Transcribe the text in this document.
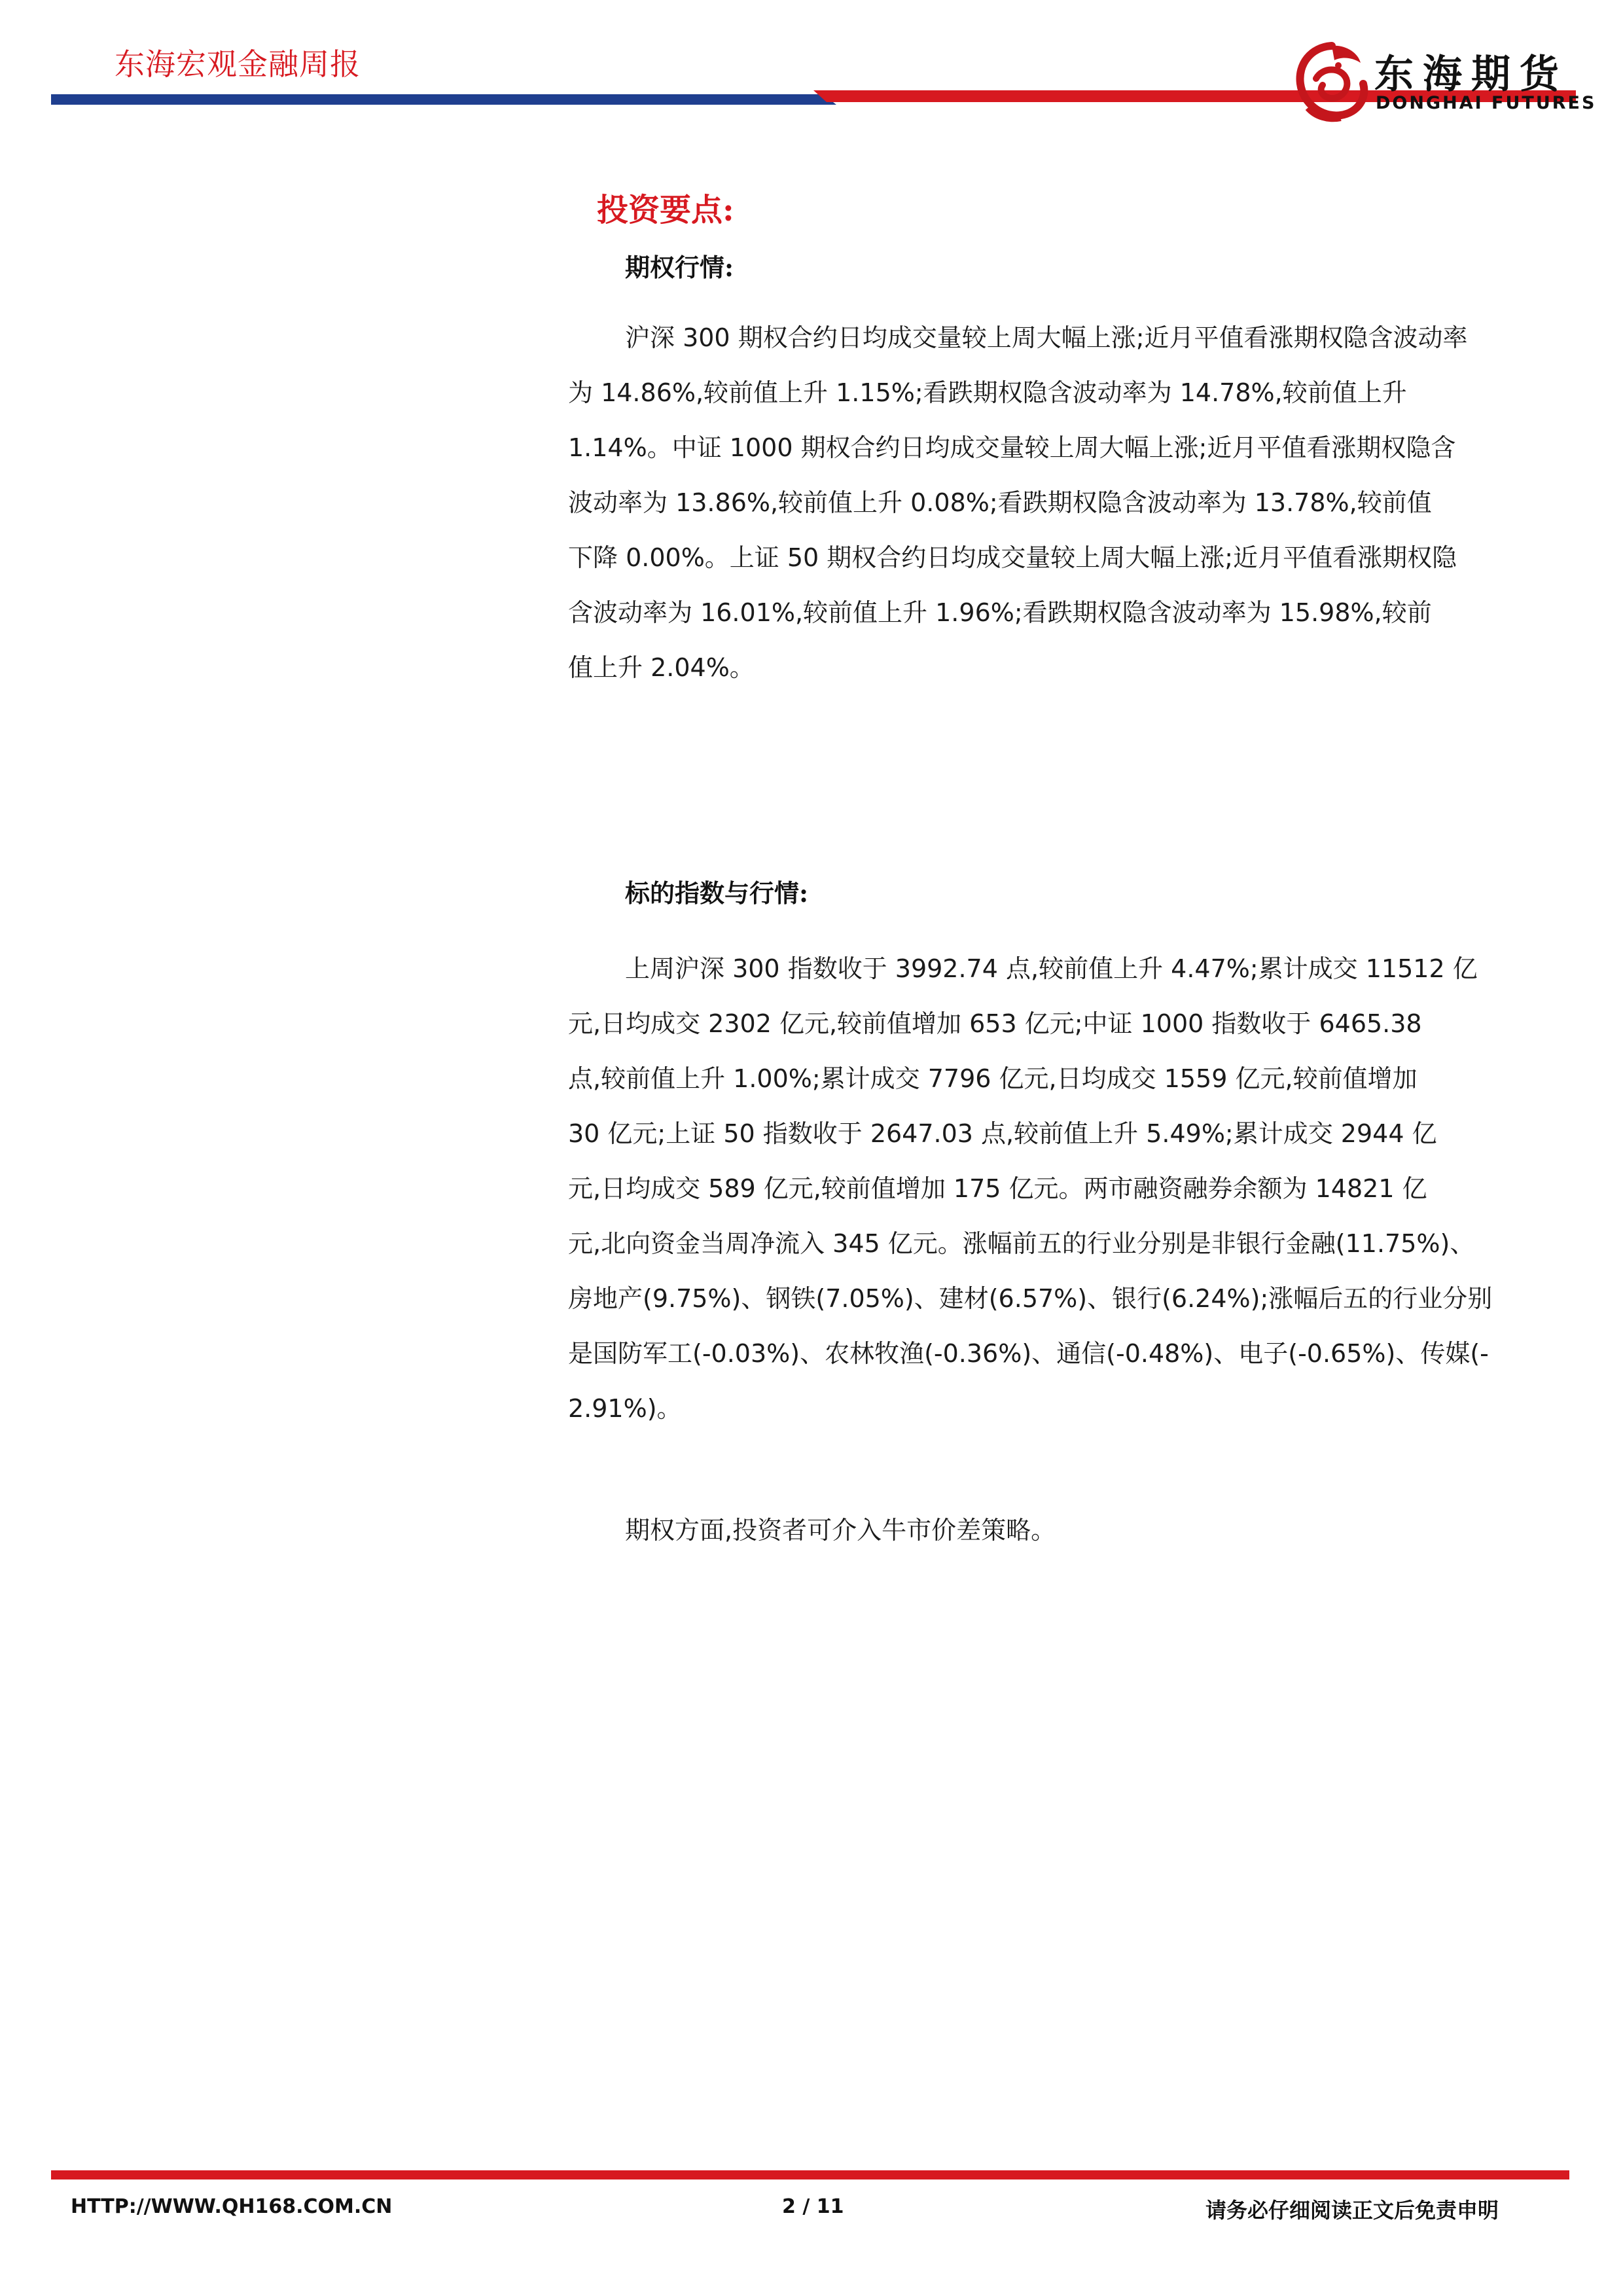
东海宏观金融周报	东海期货
DONGHAI FUTURES
投资要点:
期权行情:
沪深 300 期权合约日均成交量较上周大幅上涨;近月平值看涨期权隐含波动率
为 14.86%,较前值上升 1.15%;看跌期权隐含波动率为 14.78%,较前值上升
1.14%。中证 1000 期权合约日均成交量较上周大幅上涨;近月平值看涨期权隐含
波动率为 13.86%,较前值上升 0.08%;看跌期权隐含波动率为 13.78%,较前值
下降 0.00%。上证 50 期权合约日均成交量较上周大幅上涨;近月平值看涨期权隐
含波动率为 16.01%,较前值上升 1.96%;看跌期权隐含波动率为 15.98%,较前
值上升 2.04%。
标的指数与行情:
上周沪深 300 指数收于 3992.74 点,较前值上升 4.47%;累计成交 11512 亿
元,日均成交 2302 亿元,较前值增加 653 亿元;中证 1000 指数收于 6465.38
点,较前值上升 1.00%;累计成交 7796 亿元,日均成交 1559 亿元,较前值增加
30 亿元;上证 50 指数收于 2647.03 点,较前值上升 5.49%;累计成交 2944 亿
元,日均成交 589 亿元,较前值增加 175 亿元。两市融资融券余额为 14821 亿
元,北向资金当周净流入 345 亿元。涨幅前五的行业分别是非银行金融(11.75%)、
房地产(9.75%)、钢铁(7.05%)、建材(6.57%)、银行(6.24%);涨幅后五的行业分别
是国防军工(-0.03%)、农林牧渔(-0.36%)、通信(-0.48%)、电子(-0.65%)、传媒(-
2.91%)。
期权方面,投资者可介入牛市价差策略。
HTTP://WWW.QH168.COM.CN	2 / 11	请务必仔细阅读正文后免责申明
